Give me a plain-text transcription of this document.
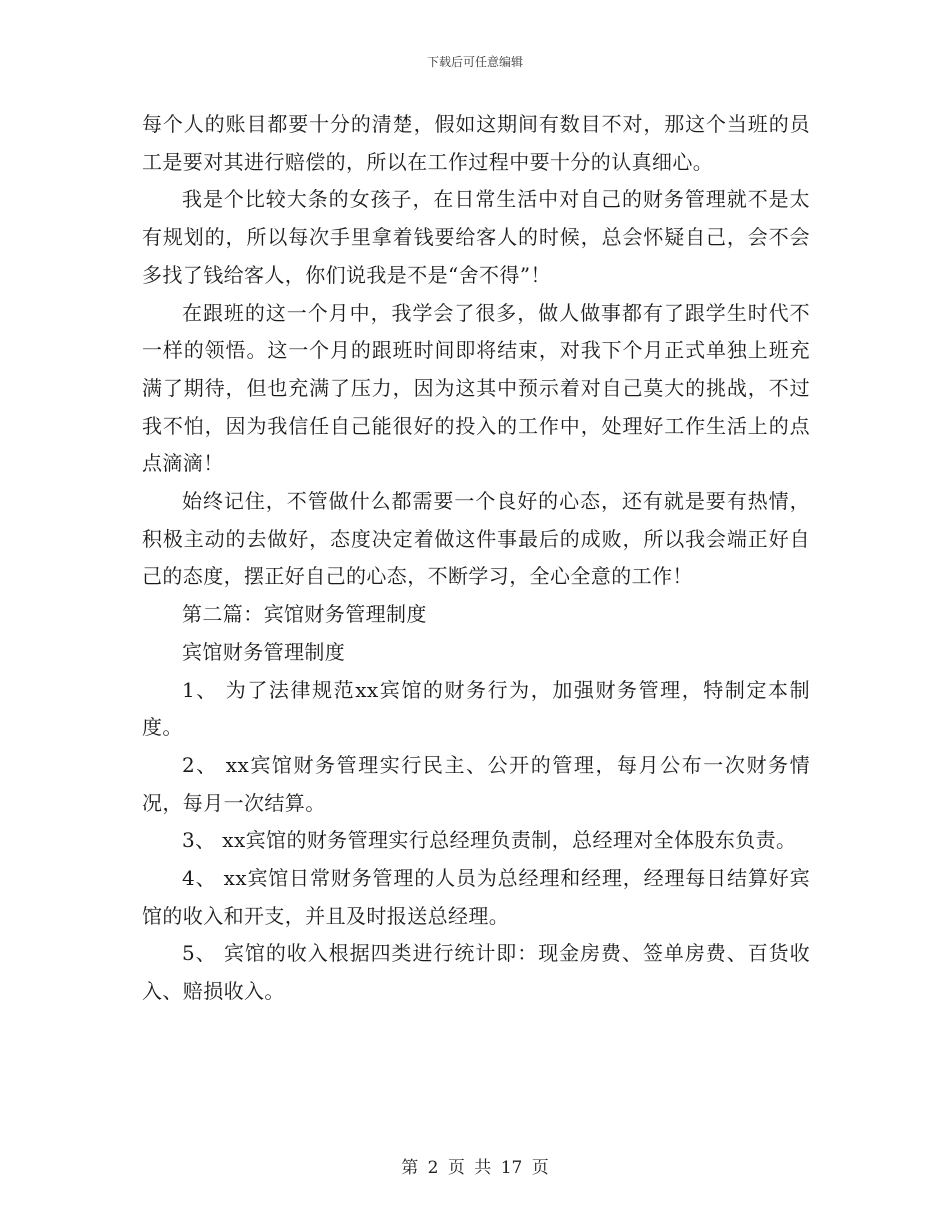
下载后可任意编辑

每个人的账目都要十分的清楚，假如这期间有数目不对，那这个当班的员工是要对其进行赔偿的，所以在工作过程中要十分的认真细心。

我是个比较大条的女孩子，在日常生活中对自己的财务管理就不是太有规划的，所以每次手里拿着钱要给客人的时候，总会怀疑自己，会不会多找了钱给客人，你们说我是不是“舍不得”！

在跟班的这一个月中，我学会了很多，做人做事都有了跟学生时代不一样的领悟。这一个月的跟班时间即将结束，对我下个月正式单独上班充满了期待，但也充满了压力，因为这其中预示着对自己莫大的挑战，不过我不怕，因为我信任自己能很好的投入的工作中，处理好工作生活上的点点滴滴！

始终记住，不管做什么都需要一个良好的心态，还有就是要有热情，积极主动的去做好，态度决定着做这件事最后的成败，所以我会端正好自己的态度，摆正好自己的心态，不断学习，全心全意的工作！

第二篇：宾馆财务管理制度

宾馆财务管理制度

1、 为了法律规范xx宾馆的财务行为，加强财务管理，特制定本制度。

2、 xx宾馆财务管理实行民主、公开的管理，每月公布一次财务情况，每月一次结算。

3、 xx宾馆的财务管理实行总经理负责制，总经理对全体股东负责。

4、 xx宾馆日常财务管理的人员为总经理和经理，经理每日结算好宾馆的收入和开支，并且及时报送总经理。

5、 宾馆的收入根据四类进行统计即：现金房费、签单房费、百货收入、赔损收入。

第 2 页 共 17 页
